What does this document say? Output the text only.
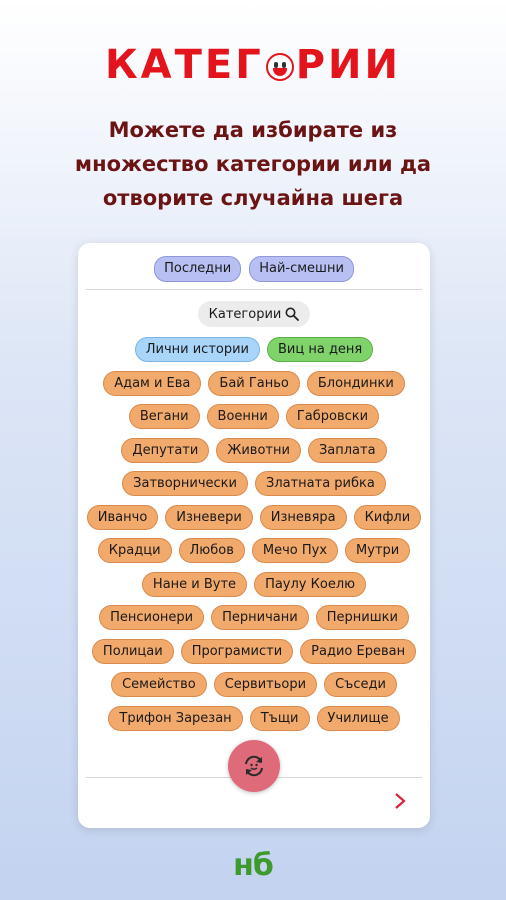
КАТЕГ РИИ
Можете да избирате из множество категории или да отворите случайна шега
Последни	Най-смешни
Категории
Лични истории	Виц на деня
Адам и Ева	Бай Ганьо	Блондинки
Вегани	Военни	Габровски
Депутати	Животни	Заплата
Затворнически	Златната рибка
Иванчо	Изневери	Изневяра	Кифли
Крадци	Любов	Мечо Пух	Мутри
Нане и Вуте	Паулу Коелю
Пенсионери	Перничани	Пернишки
Полицаи	Програмисти	Радио Ереван
Семейство	Сервитьори	Съседи
Трифон Зарезан	Тъщи	Училище
нб
